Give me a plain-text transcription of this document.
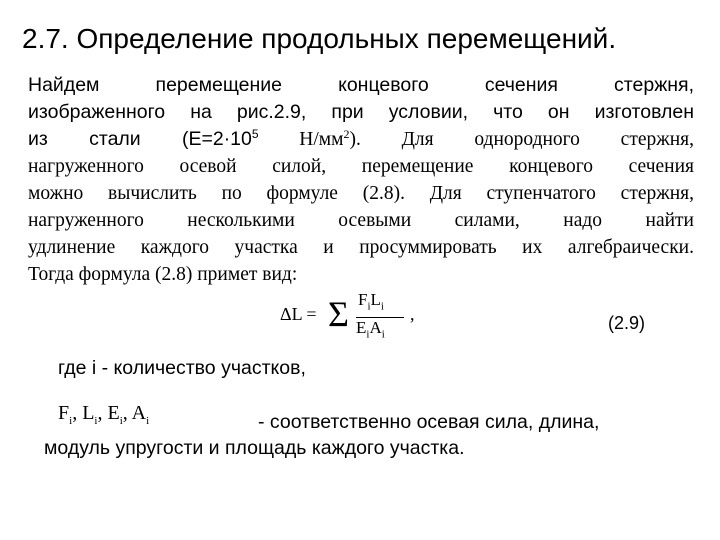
2.7. Определение продольных перемещений.
Найдем перемещение концевого сечения стержня,
изображенного на рис.2.9, при условии, что он изготовлен
из стали ($E=2\cdot 10^5$ $Н/мм^2$). Для однородного стержня,
нагруженного осевой силой, перемещение концевого сечения
можно вычислить по формуле (2.8). Для ступенчатого стержня,
нагруженного несколькими осевыми силами, надо найти
удлинение каждого участка и просуммировать их алгебраически.
Тогда формула (2.8) примет вид:
ΔL = Σ $F_iL_i$
$E_iA_i$
,	(2.9)
где i - количество участков,
$F_i$, $L_i$, $E_i$, $A_i$	- соответственно осевая сила, длина,
модуль упругости и площадь каждого участка.
